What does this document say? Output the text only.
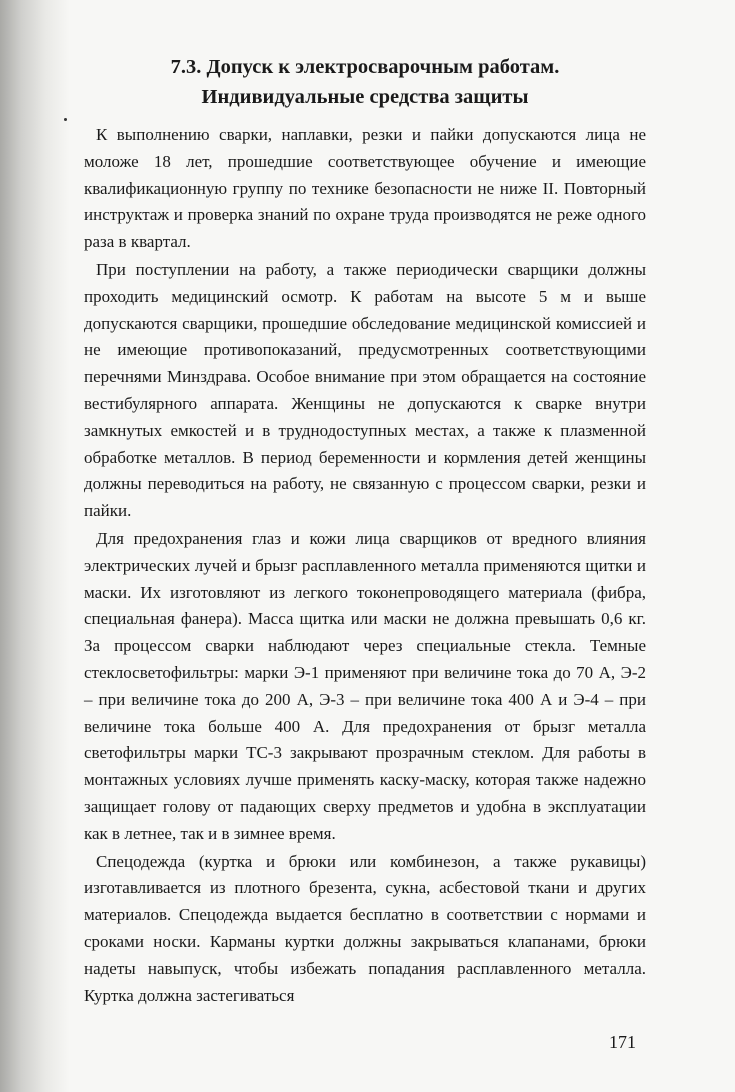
7.3. Допуск к электросварочным работам.
Индивидуальные средства защиты

К выполнению сварки, наплавки, резки и пайки допускаются лица не моложе 18 лет, прошедшие соответствующее обучение и имеющие квалификационную группу по технике безопасности не ниже II. Повторный инструктаж и проверка знаний по охране труда производятся не реже одного раза в квартал.

При поступлении на работу, а также периодически сварщики должны проходить медицинский осмотр. К работам на высоте 5 м и выше допускаются сварщики, прошедшие обследование медицинской комиссией и не имеющие противопоказаний, предусмотренных соответствующими перечнями Минздрава. Особое внимание при этом обращается на состояние вестибулярного аппарата. Женщины не допускаются к сварке внутри замкнутых емкостей и в труднодоступных местах, а также к плазменной обработке металлов. В период беременности и кормления детей женщины должны переводиться на работу, не связанную с процессом сварки, резки и пайки.

Для предохранения глаз и кожи лица сварщиков от вредного влияния электрических лучей и брызг расплавленного металла применяются щитки и маски. Их изготовляют из легкого токонепроводящего материала (фибра, специальная фанера). Масса щитка или маски не должна превышать 0,6 кг. За процессом сварки наблюдают через специальные стекла. Темные стеклосветофильтры: марки Э-1 применяют при величине тока до 70 А, Э-2 – при величине тока до 200 А, Э-3 – при величине тока 400 А и Э-4 – при величине тока больше 400 А. Для предохранения от брызг металла светофильтры марки ТС-3 закрывают прозрачным стеклом. Для работы в монтажных условиях лучше применять каску-маску, которая также надежно защищает голову от падающих сверху предметов и удобна в эксплуатации как в летнее, так и в зимнее время.

Спецодежда (куртка и брюки или комбинезон, а также рукавицы) изготавливается из плотного брезента, сукна, асбестовой ткани и других материалов. Спецодежда выдается бесплатно в соответствии с нормами и сроками носки. Карманы куртки должны закрываться клапанами, брюки надеты навыпуск, чтобы избежать попадания расплавленного металла. Куртка должна застегиваться

171
